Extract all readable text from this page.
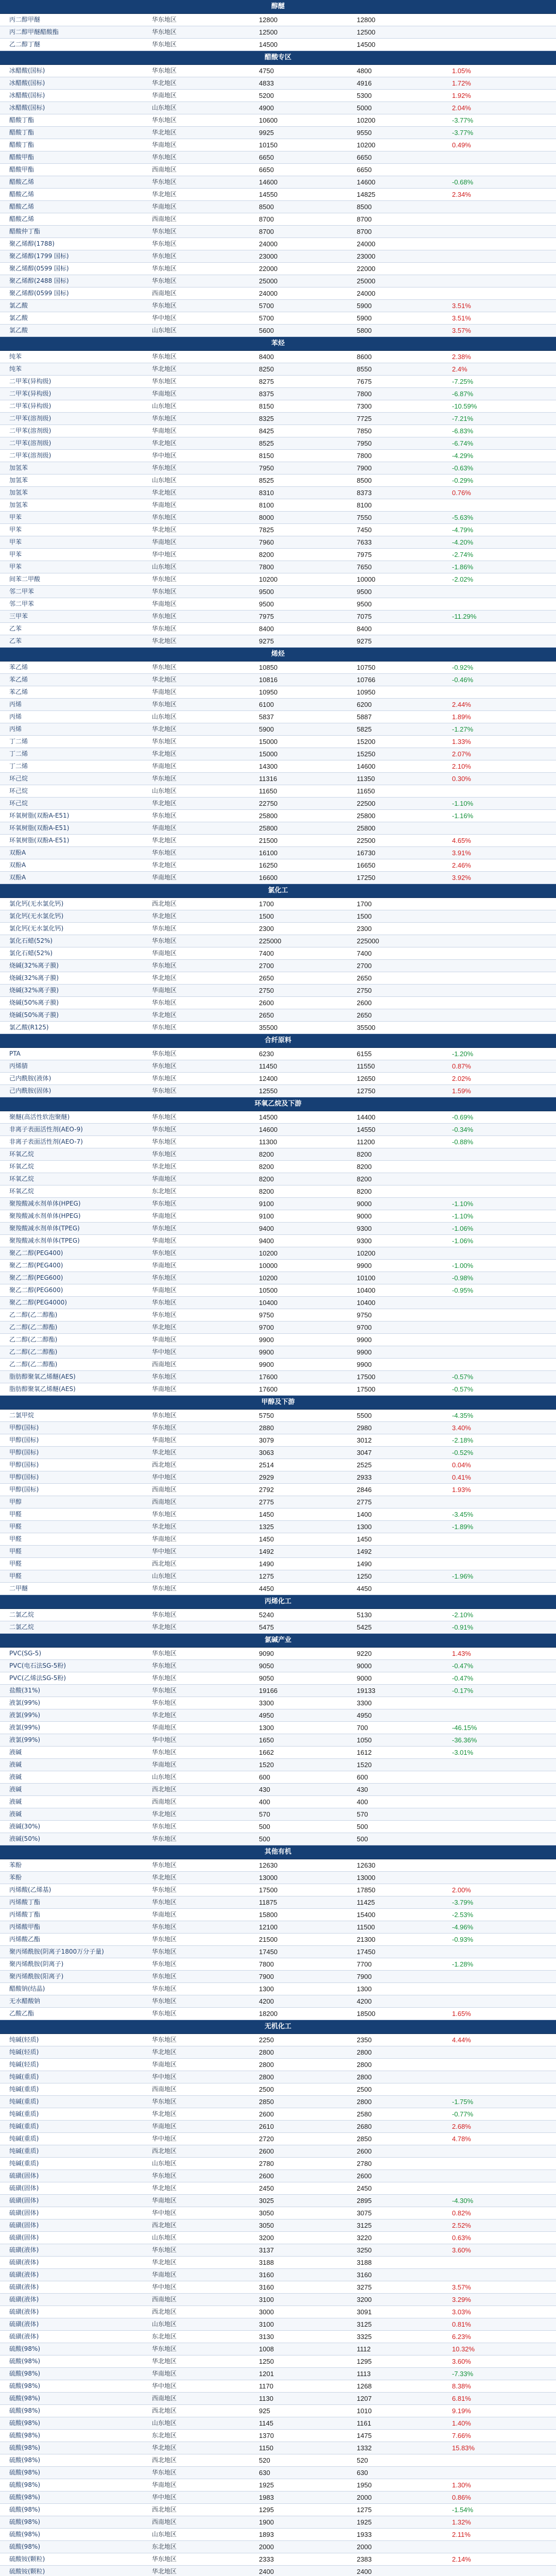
醇醚
丙二醇甲醚	华东地区	12800	12800
丙二醇甲醚醋酸酯	华东地区	12500	12500
乙二醇丁醚	华东地区	14500	14500
醋酸专区
冰醋酸(国标)	华东地区	4750	4800	1.05%
冰醋酸(国标)	华北地区	4833	4916	1.72%
冰醋酸(国标)	华南地区	5200	5300	1.92%
冰醋酸(国标)	山东地区	4900	5000	2.04%
醋酸丁酯	华东地区	10600	10200	-3.77%
醋酸丁酯	华北地区	9925	9550	-3.77%
醋酸丁酯	华南地区	10150	10200	0.49%
醋酸甲酯	华东地区	6650	6650
醋酸甲酯	西南地区	6650	6650
醋酸乙烯	华东地区	14600	14600	-0.68%
醋酸乙烯	华北地区	14550	14825	2.34%
醋酸乙烯	华南地区	8500	8500
醋酸乙烯	西南地区	8700	8700
醋酸仲丁酯	华东地区	8700	8700
聚乙烯醇(1788)	华东地区	24000	24000
聚乙烯醇(1799 国标)	华东地区	23000	23000
聚乙烯醇(0599 国标)	华东地区	22000	22000
聚乙烯醇(2488 国标)	华东地区	25000	25000
聚乙烯醇(0599 国标)	西南地区	24000	24000
氯乙酸	华东地区	5700	5900	3.51%
氯乙酸	华中地区	5700	5900	3.51%
氯乙酸	山东地区	5600	5800	3.57%
苯烃
纯苯	华东地区	8400	8600	2.38%
纯苯	华北地区	8250	8550	2.4%
二甲苯(异构级)	华东地区	8275	7675	-7.25%
二甲苯(异构级)	华南地区	8375	7800	-6.87%
二甲苯(异构级)	山东地区	8150	7300	-10.59%
二甲苯(溶剂级)	华东地区	8325	7725	-7.21%
二甲苯(溶剂级)	华南地区	8425	7850	-6.83%
二甲苯(溶剂级)	华北地区	8525	7950	-6.74%
二甲苯(溶剂级)	华中地区	8150	7800	-4.29%
加氢苯	华东地区	7950	7900	-0.63%
加氢苯	山东地区	8525	8500	-0.29%
加氢苯	华北地区	8310	8373	0.76%
加氢苯	华南地区	8100	8100
甲苯	华东地区	8000	7550	-5.63%
甲苯	华北地区	7825	7450	-4.79%
甲苯	华南地区	7960	7633	-4.20%
甲苯	华中地区	8200	7975	-2.74%
甲苯	山东地区	7800	7650	-1.86%
间苯二甲酸	华东地区	10200	10000	-2.02%
邻二甲苯	华东地区	9500	9500
邻二甲苯	华南地区	9500	9500
三甲苯	华东地区	7975	7075	-11.29%
乙苯	华东地区	8400	8400
乙苯	华北地区	9275	9275
烯烃
苯乙烯	华东地区	10850	10750	-0.92%
苯乙烯	华北地区	10816	10766	-0.46%
苯乙烯	华南地区	10950	10950
丙烯	华东地区	6100	6200	2.44%
丙烯	山东地区	5837	5887	1.89%
丙烯	华北地区	5900	5825	-1.27%
丁二烯	华东地区	15000	15200	1.33%
丁二烯	华北地区	15000	15250	2.07%
丁二烯	华南地区	14300	14600	2.10%
环己烷	华东地区	11316	11350	0.30%
环己烷	山东地区	11650	11650
环己烷	华北地区	22750	22500	-1.10%
环氧树脂(双酚A-E51)	华东地区	25800	25800	-1.16%
环氧树脂(双酚A-E51)	华南地区	25800	25800
环氧树脂(双酚A-E51)	华北地区	21500	22500	4.65%
双酚A	华东地区	16100	16730	3.91%
双酚A	华北地区	16250	16650	2.46%
双酚A	华南地区	16600	17250	3.92%
氯化工
氯化钙(无水氯化钙)	西北地区	1700	1700
氯化钙(无水氯化钙)	华北地区	1500	1500
氯化钙(无水氯化钙)	华东地区	2300	2300
氯化石蜡(52%)	华东地区	225000	225000
氯化石蜡(52%)	华南地区	7400	7400
烧碱(32%离子膜)	华东地区	2700	2700
烧碱(32%离子膜)	华北地区	2650	2650
烧碱(32%离子膜)	华南地区	2750	2750
烧碱(50%离子膜)	华东地区	2600	2600
烧碱(50%离子膜)	华北地区	2650	2650
氯乙酸(R125)	华东地区	35500	35500
合纤原料
PTA	华东地区	6230	6155	-1.20%
丙烯腈	华东地区	11450	11550	0.87%
己内酰胺(液体)	华东地区	12400	12650	2.02%
己内酰胺(固体)	华东地区	12550	12750	1.59%
环氧乙烷及下游
聚醚(高活性软泡聚醚)	华东地区	14500	14400	-0.69%
非离子表面活性剂(AEO-9)	华东地区	14600	14550	-0.34%
非离子表面活性剂(AEO-7)	华东地区	11300	11200	-0.88%
环氧乙烷	华东地区	8200	8200
环氧乙烷	华北地区	8200	8200
环氧乙烷	华南地区	8200	8200
环氧乙烷	东北地区	8200	8200
聚羧酸减水剂单体(HPEG)	华东地区	9100	9000	-1.10%
聚羧酸减水剂单体(HPEG)	华南地区	9100	9000	-1.10%
聚羧酸减水剂单体(TPEG)	华东地区	9400	9300	-1.06%
聚羧酸减水剂单体(TPEG)	华南地区	9400	9300	-1.06%
聚乙二醇(PEG400)	华东地区	10200	10200
聚乙二醇(PEG400)	华南地区	10000	9900	-1.00%
聚乙二醇(PEG600)	华东地区	10200	10100	-0.98%
聚乙二醇(PEG600)	华南地区	10500	10400	-0.95%
聚乙二醇(PEG4000)	华东地区	10400	10400
乙二醇(乙二醇酯)	华东地区	9750	9750
乙二醇(乙二醇酯)	华北地区	9700	9700
乙二醇(乙二醇酯)	华南地区	9900	9900
乙二醇(乙二醇酯)	华中地区	9900	9900
乙二醇(乙二醇酯)	西南地区	9900	9900
脂肪醇聚氧乙烯醚(AES)	华东地区	17600	17500	-0.57%
脂肪醇聚氧乙烯醚(AES)	华南地区	17600	17500	-0.57%
甲醇及下游
二氯甲烷	华东地区	5750	5500	-4.35%
甲醇(国标)	华东地区	2880	2980	3.40%
甲醇(国标)	华南地区	3079	3012	-2.18%
甲醇(国标)	华北地区	3063	3047	-0.52%
甲醇(国标)	西北地区	2514	2525	0.04%
甲醇(国标)	华中地区	2929	2933	0.41%
甲醇(国标)	西南地区	2792	2846	1.93%
甲醇	西南地区	2775	2775
甲醛	华东地区	1450	1400	-3.45%
甲醛	华北地区	1325	1300	-1.89%
甲醛	华南地区	1450	1450
甲醛	华中地区	1492	1492
甲醛	西北地区	1490	1490
甲醛	山东地区	1275	1250	-1.96%
二甲醚	华东地区	4450	4450
丙烯化工
二氯乙烷	华东地区	5240	5130	-2.10%
二氯乙烷	华北地区	5475	5425	-0.91%
氯碱产业
PVC(SG-5)	华东地区	9090	9220	1.43%
PVC(电石法SG-5粉)	华东地区	9050	9000	-0.47%
PVC(乙烯法SG-5粉)	华东地区	9050	9000	-0.47%
盐酸(31%)	华东地区	19166	19133	-0.17%
液氯(99%)	华东地区	3300	3300
液氯(99%)	华北地区	4950	4950
液氯(99%)	华南地区	1300	700	-46.15%
液氯(99%)	华中地区	1650	1050	-36.36%
液碱	华东地区	1662	1612	-3.01%
液碱	华南地区	1520	1520
液碱	山东地区	600	600
液碱	西北地区	430	430
液碱	西南地区	400	400
液碱	华北地区	570	570
液碱(30%)	华东地区	500	500
液碱(50%)	华东地区	500	500
其他有机
苯酚	华东地区	12630	12630
苯酚	华北地区	13000	13000
丙烯酸(乙烯基)	华东地区	17500	17850	2.00%
丙烯酸丁酯	华东地区	11875	11425	-3.79%
丙烯酸丁酯	华南地区	15800	15400	-2.53%
丙烯酸甲酯	华东地区	12100	11500	-4.96%
丙烯酸乙酯	华东地区	21500	21300	-0.93%
聚丙烯酰胺(阴离子1800万分子量)	华东地区	17450	17450
聚丙烯酰胺(阴离子)	华东地区	7800	7700	-1.28%
聚丙烯酰胺(阳离子)	华东地区	7900	7900
醋酸钠(结晶)	华东地区	1300	1300
无水醋酸钠	华东地区	4200	4200
乙酸乙酯	华东地区	18200	18500	1.65%
无机化工
纯碱(轻质)	华东地区	2250	2350	4.44%
纯碱(轻质)	华北地区	2800	2800
纯碱(轻质)	华南地区	2800	2800
纯碱(重质)	华中地区	2800	2800
纯碱(重质)	西南地区	2500	2500
纯碱(重质)	华东地区	2850	2800	-1.75%
纯碱(重质)	华北地区	2600	2580	-0.77%
纯碱(重质)	华南地区	2610	2680	2.68%
纯碱(重质)	华中地区	2720	2850	4.78%
纯碱(重质)	西北地区	2600	2600
纯碱(重质)	山东地区	2780	2780
硫磺(固体)	华东地区	2600	2600
硫磺(固体)	华北地区	2450	2450
硫磺(固体)	华南地区	3025	2895	-4.30%
硫磺(固体)	华中地区	3050	3075	0.82%
硫磺(固体)	西北地区	3050	3125	2.52%
硫磺(固体)	山东地区	3200	3220	0.63%
硫磺(液体)	华东地区	3137	3250	3.60%
硫磺(液体)	华北地区	3188	3188
硫磺(液体)	华南地区	3160	3160
硫磺(液体)	华中地区	3160	3275	3.57%
硫磺(液体)	西南地区	3100	3200	3.29%
硫磺(液体)	西北地区	3000	3091	3.03%
硫磺(液体)	山东地区	3100	3125	0.81%
硫磺(液体)	东北地区	3130	3325	6.23%
硫酸(98%)	华东地区	1008	1112	10.32%
硫酸(98%)	华北地区	1250	1295	3.60%
硫酸(98%)	华南地区	1201	1113	-7.33%
硫酸(98%)	华中地区	1170	1268	8.38%
硫酸(98%)	西南地区	1130	1207	6.81%
硫酸(98%)	西北地区	925	1010	9.19%
硫酸(98%)	山东地区	1145	1161	1.40%
硫酸(98%)	东北地区	1370	1475	7.66%
硫酸(98%)	华北地区	1150	1332	15.83%
硫酸(98%)	西北地区	520	520
硫酸(98%)	华东地区	630	630
硫酸(98%)	华南地区	1925	1950	1.30%
硫酸(98%)	华中地区	1983	2000	0.86%
硫酸(98%)	西北地区	1295	1275	-1.54%
硫酸(98%)	西南地区	1900	1925	1.32%
硫酸(98%)	山东地区	1893	1933	2.11%
硫酸(98%)	东北地区	2000	2000
硫酸铵(颗粒)	华东地区	2333	2383	2.14%
硫酸铵(颗粒)	华北地区	2400	2400
